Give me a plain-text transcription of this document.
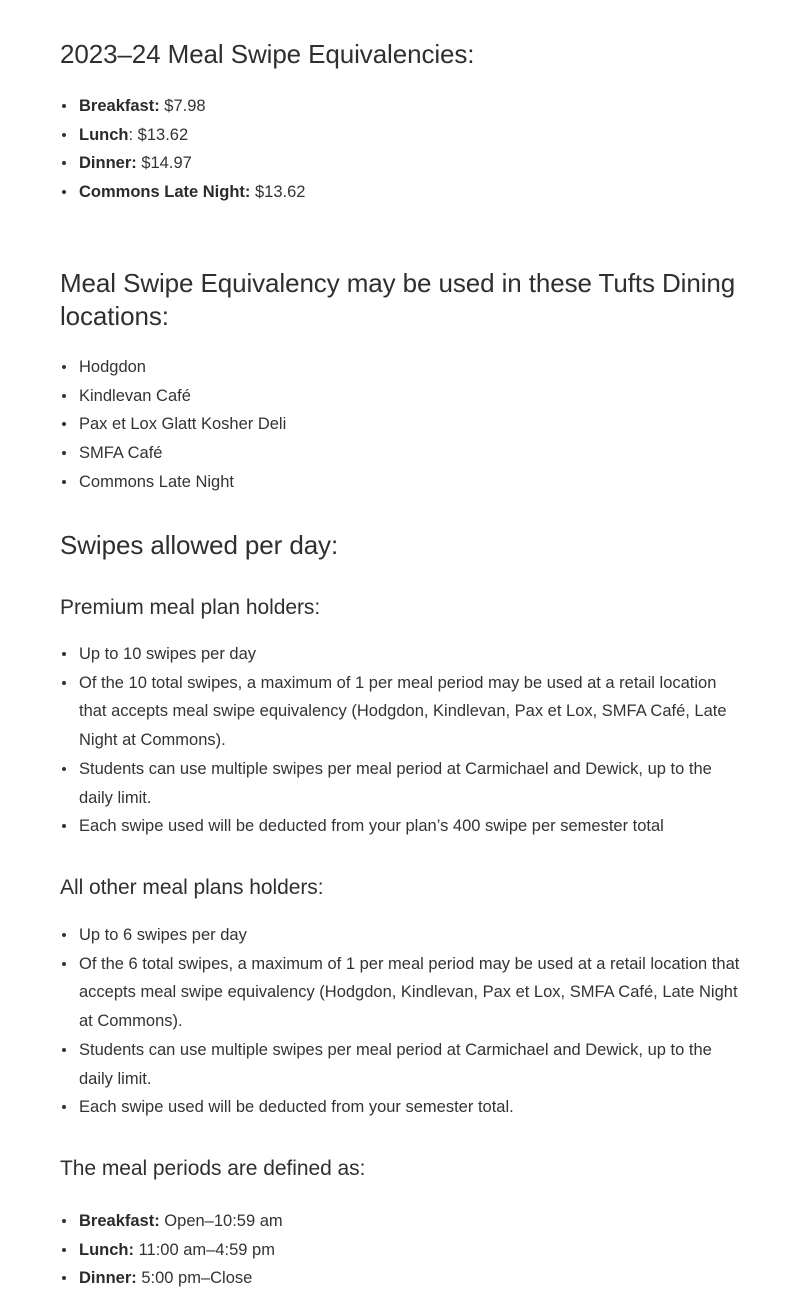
2023–24 Meal Swipe Equivalencies:
Breakfast: $7.98
Lunch: $13.62
Dinner: $14.97
Commons Late Night: $13.62
Meal Swipe Equivalency may be used in these Tufts Dining locations:
Hodgdon
Kindlevan Café
Pax et Lox Glatt Kosher Deli
SMFA Café
Commons Late Night
Swipes allowed per day:
Premium meal plan holders:
Up to 10 swipes per day
Of the 10 total swipes, a maximum of 1 per meal period may be used at a retail location that accepts meal swipe equivalency (Hodgdon, Kindlevan, Pax et Lox, SMFA Café, Late Night at Commons).
Students can use multiple swipes per meal period at Carmichael and Dewick, up to the daily limit.
Each swipe used will be deducted from your plan’s 400 swipe per semester total
All other meal plans holders:
Up to 6 swipes per day
Of the 6 total swipes, a maximum of 1 per meal period may be used at a retail location that accepts meal swipe equivalency (Hodgdon, Kindlevan, Pax et Lox, SMFA Café, Late Night at Commons).
Students can use multiple swipes per meal period at Carmichael and Dewick, up to the daily limit.
Each swipe used will be deducted from your semester total.
The meal periods are defined as:
Breakfast: Open–10:59 am
Lunch: 11:00 am–4:59 pm
Dinner: 5:00 pm–Close
